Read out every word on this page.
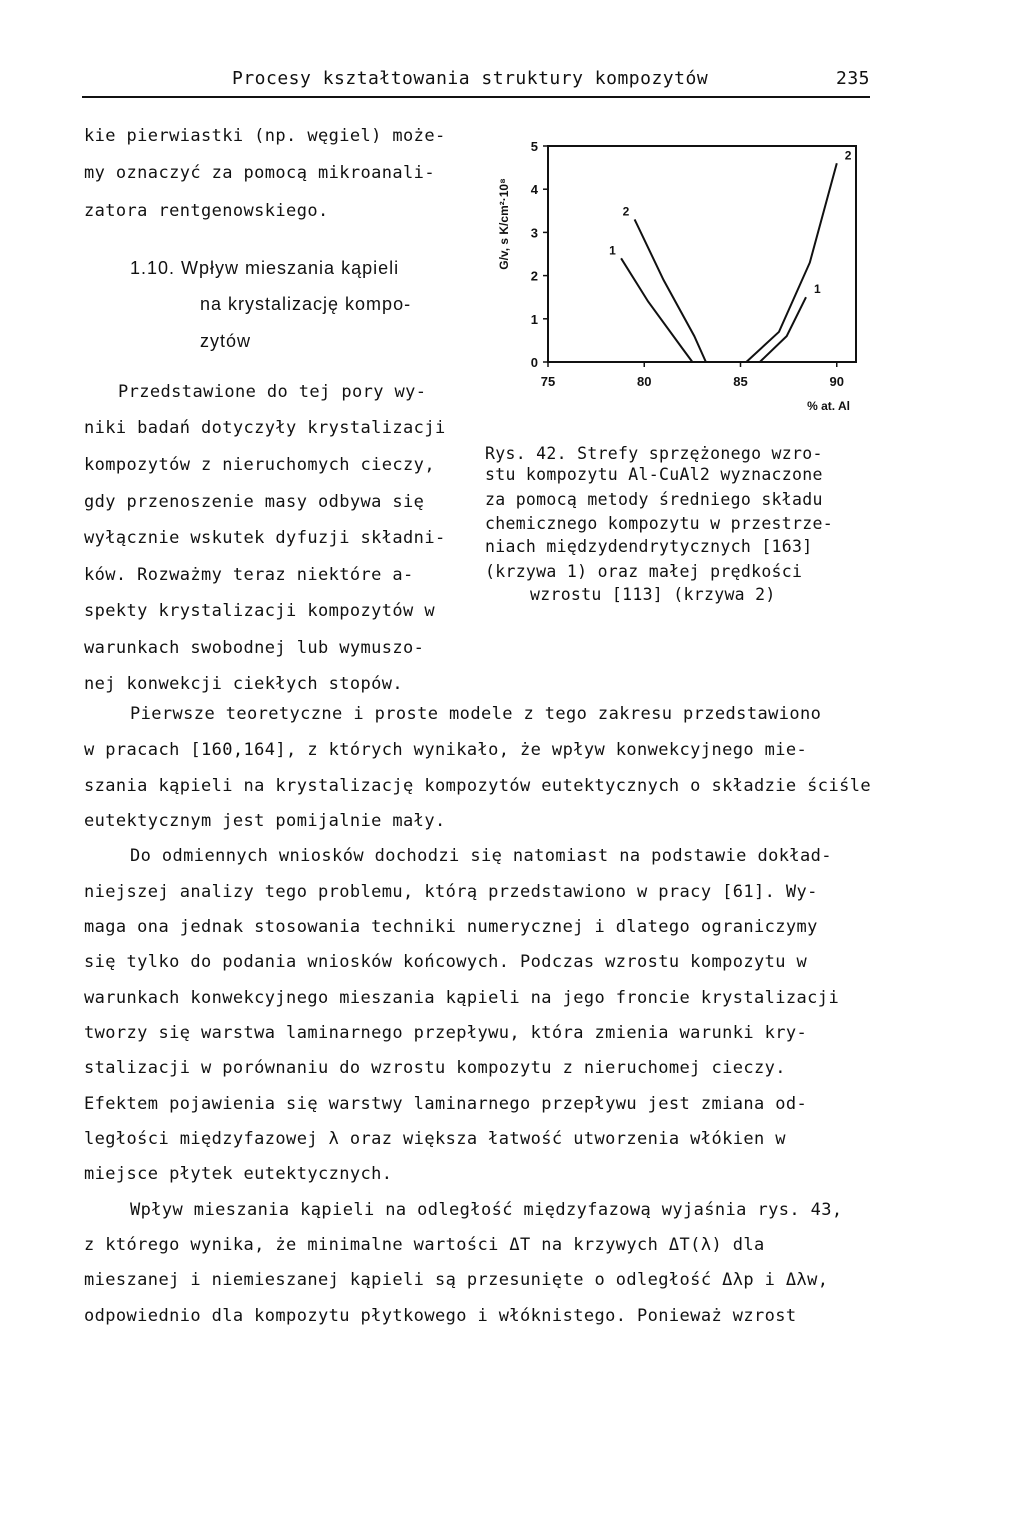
Procesy kształtowania struktury kompozytów	235
kie pierwiastki (np. węgiel) może-
my oznaczyć za pomocą mikroanali-
zatora rentgenowskiego.
1.10. Wpływ mieszania kąpieli
na krystalizację kompo-
zytów
Przedstawione do tej pory wy-
niki badań dotyczyły krystalizacji
kompozytów z nieruchomych cieczy,
gdy przenoszenie masy odbywa się
wyłącznie wskutek dyfuzji składni-
ków. Rozważmy teraz niektóre a-
spekty krystalizacji kompozytów w
warunkach swobodnej lub wymuszo-
nej konwekcji ciekłych stopów.
0
1
2
3
4
5
75	80	85	90
% at. Al
G/v, s K/cm²·10⁸	1
2
1
2
Rys. 42. Strefy sprzężonego wzro-
stu kompozytu Al-CuAl2 wyznaczone
za pomocą metody średniego składu
chemicznego kompozytu w przestrze-
niach międzydendrytycznych [163]
(krzywa 1) oraz małej prędkości
wzrostu [113] (krzywa 2)
Pierwsze teoretyczne i proste modele z tego zakresu przedstawiono
w pracach [160,164], z których wynikało, że wpływ konwekcyjnego mie-
szania kąpieli na krystalizację kompozytów eutektycznych o składzie ściśle
eutektycznym jest pomijalnie mały.
Do odmiennych wniosków dochodzi się natomiast na podstawie dokład-
niejszej analizy tego problemu, którą przedstawiono w pracy [61]. Wy-
maga ona jednak stosowania techniki numerycznej i dlatego ograniczymy
się tylko do podania wniosków końcowych. Podczas wzrostu kompozytu w
warunkach konwekcyjnego mieszania kąpieli na jego froncie krystalizacji
tworzy się warstwa laminarnego przepływu, która zmienia warunki kry-
stalizacji w porównaniu do wzrostu kompozytu z nieruchomej cieczy.
Efektem pojawienia się warstwy laminarnego przepływu jest zmiana od-
ległości międzyfazowej λ oraz większa łatwość utworzenia włókien w
miejsce płytek eutektycznych.
Wpływ mieszania kąpieli na odległość międzyfazową wyjaśnia rys. 43,
z którego wynika, że minimalne wartości ΔT na krzywych ΔT(λ) dla
mieszanej i niemieszanej kąpieli są przesunięte o odległość Δλp i Δλw,
odpowiednio dla kompozytu płytkowego i włóknistego. Ponieważ wzrost
